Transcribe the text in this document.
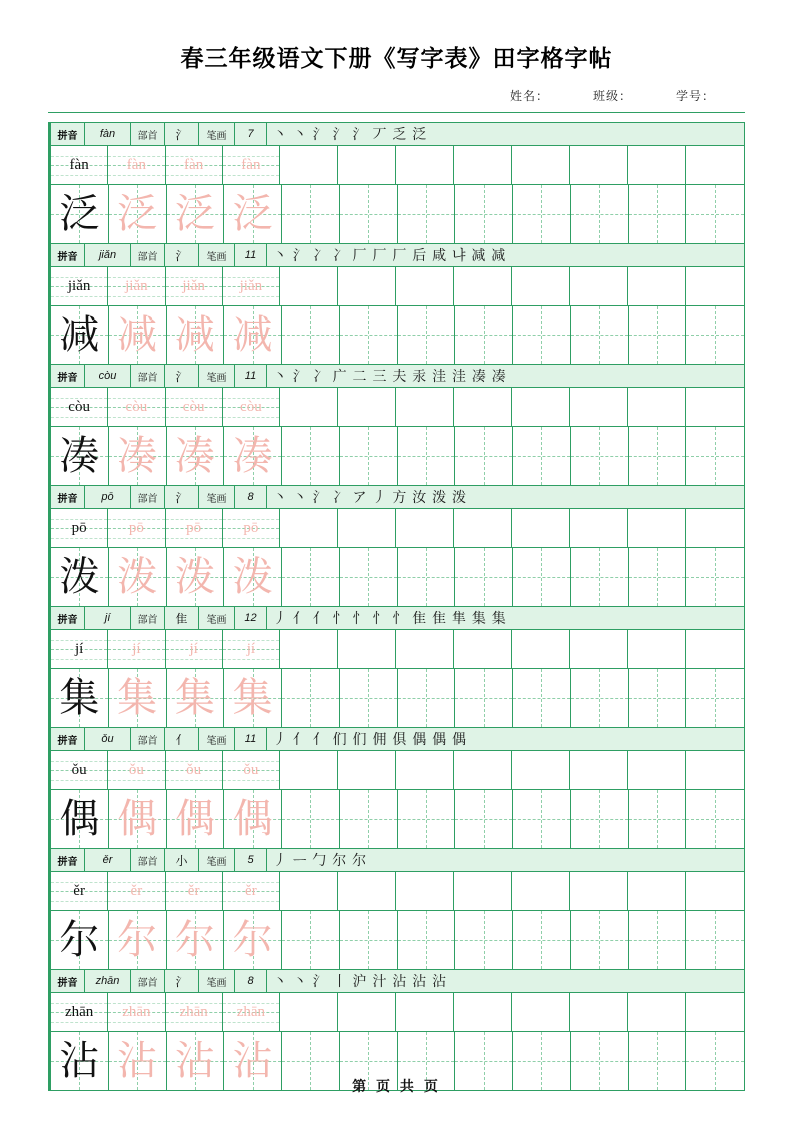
春三年级语文下册《写字表》田字格字帖
姓名：	班级：	学号：
拼音	fàn	部首	氵	笔画	7	丶 丶 氵 氵 氵 丆 乏 泛
fàn	fàn	fàn	fàn
泛 泛 泛 泛
拼音	jiǎn	部首	氵	笔画	11	丶 氵 冫 冫 厂 厂 厂 后 咸 냐 减 减
jiǎn jiǎn jiǎn jiǎn
减 减 减 减
拼音	còu	部首	氵	笔画	11	丶 氵 冫 广 二 三 夫 汞 洼 洼 凑 凑
còu còu còu còu
凑 凑 凑 凑
拼音	pō	部首	氵	笔画	8	丶 丶 氵 冫 ア 丿 方 汝 泼 泼
pō	pō	pō	pō
泼 泼 泼 泼
拼音	jí	部首	隹	笔画	12	丿 亻 亻 忄 忄 忄 忄 隹 隹 隼 集 集
jí	jí	jí	jí
集 集 集 集
拼音	ǒu	部首	亻	笔画	11	丿 亻 亻 们 们 佣 俱 偶 偶 偶
ǒu	ǒu	ǒu	ǒu
偶 偶 偶 偶
拼音	ěr	部首	小	笔画	5	丿 ᅳ 勹 尔 尔
ěr	ěr	ěr	ěr
尔 尔 尔 尔
拼音	zhān	部首	氵	笔画	8	丶 丶 氵 丨 沪 汁 沾 沾 沾
zhān zhān zhān zhān
沾 沾 沾 沾
第 页 共 页
